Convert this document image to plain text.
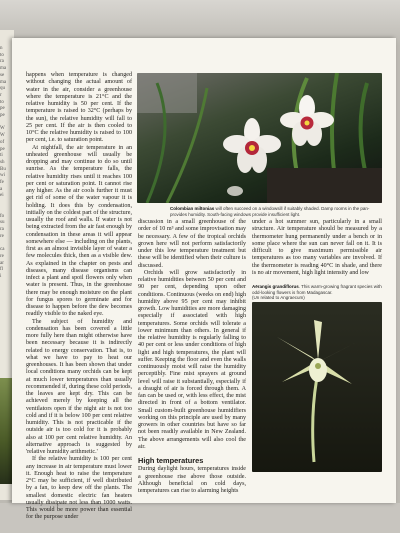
n
to
ra
ma
se
ma
qu
r
to
pe
pe

W
W
of
pe
ti
sh
Bu
wi
fe
a
ei

fo
su
ra
re

ca
re
ar
fl
i

happens when temperature is changed without changing the actual amount of water in the air, consider a greenhouse where the temperature is 21°C and the relative humidity is 50 per cent. If the temperature is raised to 32°C (perhaps by the sun), the relative humidity will fall to 25 per cent. If the air is then cooled to 10°C the relative humidity is raised to 100 per cent, i.e. to saturation point.

At nightfall, the air temperature in an unheated greenhouse will usually be dropping and may continue to do so until sunrise. As the temperature falls, the relative humidity rises until it reaches 100 per cent or saturation point. It cannot rise any higher. As the air cools further it must get rid of some of the water vapour it is holding. It does this by condensation, initially on the coldest part of the structure, usually the roof and walls. If water is not being extracted from the air fast enough by condensation in these areas it will appear somewhere else — including on the plants, first as an almost invisible layer of water a few molecules thick, then as a visible dew. As explained in the chapter on pests and diseases, many disease organisms can infect a plant and spoil flowers only when water is present. Thus, in the greenhouse there may be enough moisture on the plant for fungus spores to germinate and for disease to happen before the dew becomes readily visible to the naked eye.

The subject of humidity and condensation has been covered a little more fully here than might otherwise have been necessary because it is indirectly related to energy conservation. That is, to what we have to pay to heat our greenhouses. It has been shown that under local conditions many orchids can be kept at much lower temperatures than usually recommended if, during these cold periods, the leaves are kept dry. This can be achieved merely by keeping all the ventilators open if the night air is not too cold and if it is below 100 per cent relative humidity. This is not practicable if the outside air is too cold for it is probably also at 100 per cent relative humidity. An alternative approach is suggested by 'relative humidity arithmetic.'

If the relative humidity is 100 per cent any increase in air temperature must lower it. Enough heat to raise the temperature 2°C may be sufficient, if well distributed by a fan, to keep dew off the plants. The smallest domestic electric fan heaters usually dissipate not less than 1000 watts. This would be more power than essential for the purpose under

Colombian miltonias will often succeed on a windowsill if suitably shaded. Damp rooms in the pan-provides humidity. South-facing windows provide insufficient light.

discussion in a small greenhouse of the order of 10 m³ and some improvisation may be necessary. A few of the tropical orchids grown here will not perform satisfactorily under this low temperature treatment but these will be identified when their culture is discussed.

Orchids will grow satisfactorily in relative humidities between 50 per cent and 90 per cent, depending upon other conditions. Continuous (weeks on end) high humidity above 95 per cent may inhibit growth. Low humidities are more damaging especially if associated with high temperatures. Some orchids will tolerate a lower minimum than others. In general if the relative humidity is regularly falling to 40 per cent or less under conditions of high light and high temperatures, the plant will suffer. Keeping the floor and even the walls continuously moist will raise the humidity perceptibly. Fine mist sprayers at ground level will raise it substantially, especially if a draught of air is forced through them. A fan can be used or, with less effect, the mist directed in front of a bottom ventilator. Small custom-built greenhouse humidifiers working on this principle are used by many growers in other countries but have so far not been readily available in New Zealand. The above arrangements will also cool the air.

High temperatures

During daylight hours, temperatures inside a greenhouse rise above those outside. Although beneficial on cold days, temperatures can rise to alarming heights

under a hot summer sun, particularly in a small structure. Air temperature should be measured by a thermometer hung permanently under a bench or in some place where the sun can never fall on it. It is difficult to give maximum permissible air temperatures as too many variables are involved. If the thermometer is reading 40°C in shade, and there is no air movement, high light intensity and low

Aërangis grandiflorus. This warm-growing fragrant species with odd-looking flowers is from Madagascar.
(Un related to Angraecum)
